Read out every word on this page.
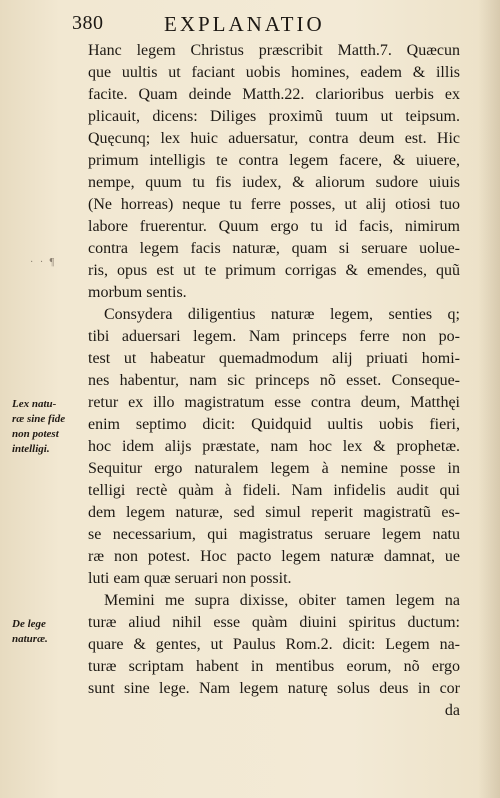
380	EXPLANATIO
· · ¶
Lex natu-
ræ sine fide
non potest
intelligi.
De lege
naturæ.
Hanc legem Christus præscribit Matth.7. Quæcun
que uultis ut faciant uobis homines, eadem & illis
facite. Quam deinde Matth.22. clarioribus uerbis ex
plicauit, dicens: Diliges proximũ tuum ut teipsum.
Quęcunq; lex huic aduersatur, contra deum est. Hic
primum intelligis te contra legem facere, & uiuere,
nempe, quum tu fis iudex, & aliorum sudore uiuis
(Ne horreas) neque tu ferre posses, ut alij otiosi tuo
labore fruerentur. Quum ergo tu id facis, nimirum
contra legem facis naturæ, quam si seruare uolue-
ris, opus est ut te primum corrigas & emendes, quũ
morbum sentis.
Consydera diligentius naturæ legem, senties q;
tibi aduersari legem. Nam princeps ferre non po-
test ut habeatur quemadmodum alij priuati homi-
nes habentur, nam sic princeps nõ esset. Conseque-
retur ex illo magistratum esse contra deum, Matthęi
enim septimo dicit: Quidquid uultis uobis fieri,
hoc idem alijs præstate, nam hoc lex & prophetæ.
Sequitur ergo naturalem legem à nemine posse in
telligi rectè quàm à fideli. Nam infidelis audit qui
dem legem naturæ, sed simul reperit magistratũ es-
se necessarium, qui magistratus seruare legem natu
ræ non potest. Hoc pacto legem naturæ damnat, ue
luti eam quæ seruari non possit.
Memini me supra dixisse, obiter tamen legem na
turæ aliud nihil esse quàm diuini spiritus ductum:
quare & gentes, ut Paulus Rom.2. dicit: Legem na-
turæ scriptam habent in mentibus eorum, nõ ergo
sunt sine lege. Nam legem naturę solus deus in cor
da
